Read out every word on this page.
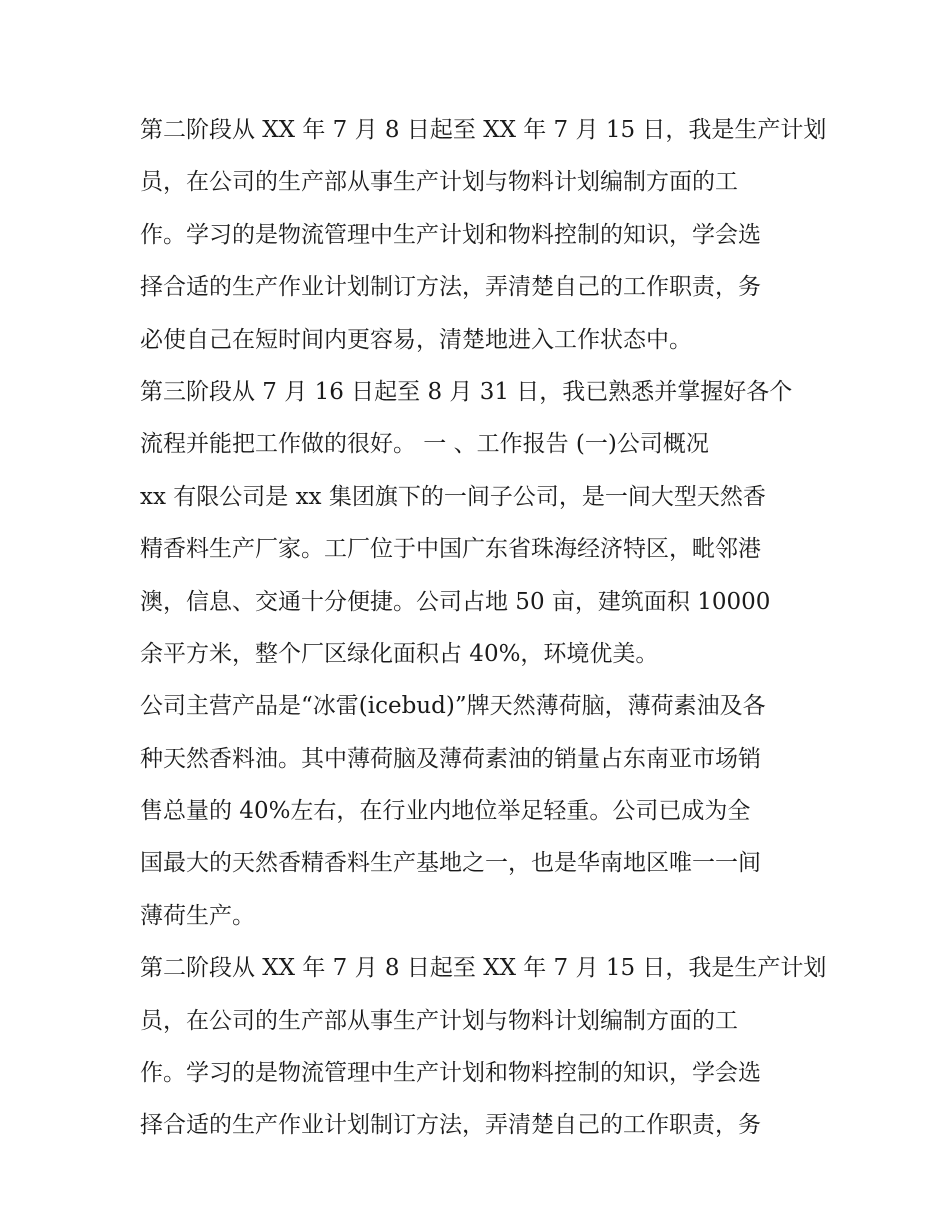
第二阶段从 XX 年 7 月 8 日起至 XX 年 7 月 15 日，我是生产计划
员，在公司的生产部从事生产计划与物料计划编制方面的工
作。学习的是物流管理中生产计划和物料控制的知识，学会选
择合适的生产作业计划制订方法，弄清楚自己的工作职责，务
必使自己在短时间内更容易，清楚地进入工作状态中。
第三阶段从 7 月 16 日起至 8 月 31 日，我已熟悉并掌握好各个
流程并能把工作做的很好。 一 、工作报告 (一)公司概况
xx 有限公司是 xx 集团旗下的一间子公司，是一间大型天然香
精香料生产厂家。工厂位于中国广东省珠海经济特区，毗邻港
澳，信息、交通十分便捷。公司占地 50 亩，建筑面积 10000
余平方米，整个厂区绿化面积占 40%，环境优美。
公司主营产品是“冰雷(icebud)”牌天然薄荷脑，薄荷素油及各
种天然香料油。其中薄荷脑及薄荷素油的销量占东南亚市场销
售总量的 40%左右，在行业内地位举足轻重。公司已成为全
国最大的天然香精香料生产基地之一，也是华南地区唯一一间
薄荷生产。
第二阶段从 XX 年 7 月 8 日起至 XX 年 7 月 15 日，我是生产计划
员，在公司的生产部从事生产计划与物料计划编制方面的工
作。学习的是物流管理中生产计划和物料控制的知识，学会选
择合适的生产作业计划制订方法，弄清楚自己的工作职责，务
